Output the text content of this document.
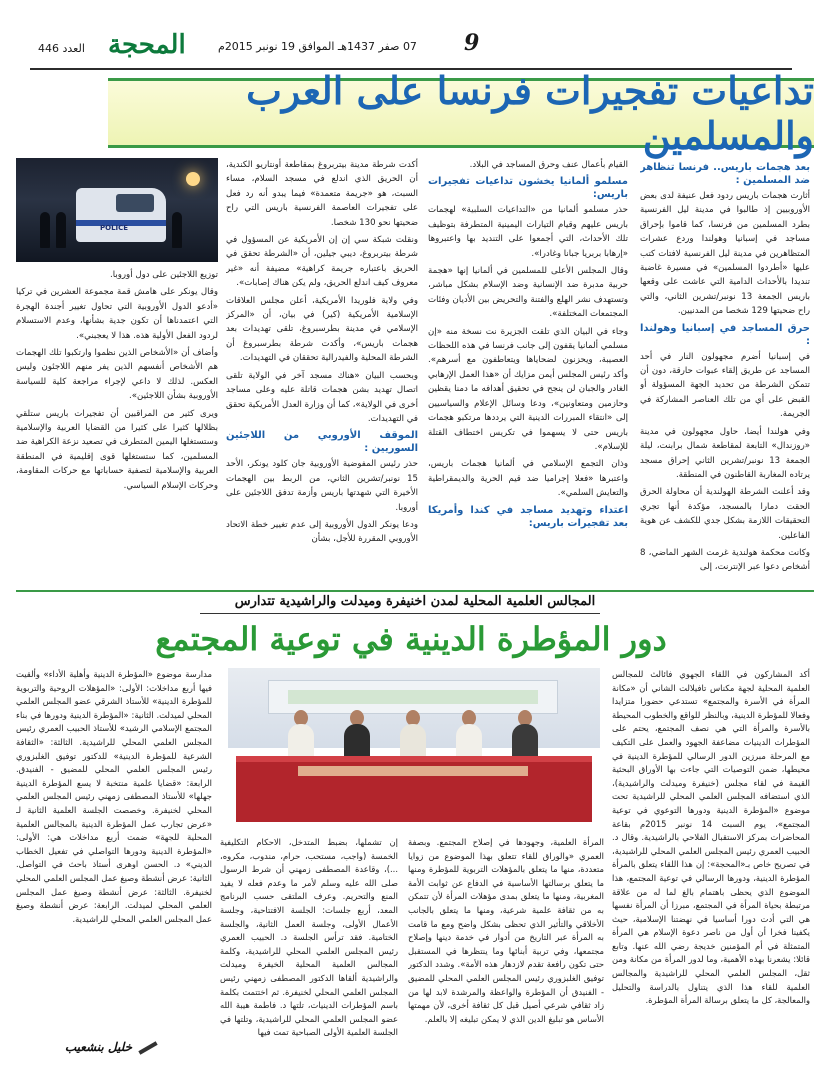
العدد 446 المحجة	07 صفر 1437هـ الموافق 19 نونبر 2015م 9
تداعيات تفجيرات فرنسا على العرب والمسلمين
بعد هجمات باريس.. فرنسا تنظاهر ضد المسلمين :

أثارت هجمات باريس ردود فعل عنيفة لدى بعض الأوروبيين إذ طالبوا في مدينة ليل الفرنسية بطرد المسلمين من فرنسا، كما قاموا بإحراق مساجد في إسبانيا وهولندا وردع عشرات المتظاهرين في مدينة ليل الفرنسية لافتات كتب عليها «أطردوا المسلمين» في مسيرة غاضبة تنديدا بالأحداث الدامية التي عاشت على وقعها باريس الجمعة 13 نونبر/تشرين الثاني، والتي راح ضحيتها 129 شخصا من المدنيين.

حرق المساجد في إسبانيا وهولندا :

في إسبانيا أضرم مجهولون النار في أحد المساجد عن طريق إلقاء عبوات حارقة، دون أن تتمكن الشرطة من تحديد الجهة المسؤولة أو القبض على أي من تلك العناصر المشاركة في الجريمة.

وفي هولندا أيضا، حاول مجهولون في مدينة «روزندال» التابعة لمقاطعة شمال برابنت، ليلة الجمعة 13 نونبر/تشرين الثاني إحراق مسجد يرتاده المغاربة القاطنون في المنطقة.

وقد أعلنت الشرطة الهولندية أن محاولة الحرق الحقت دمارا بالمسجد، مؤكدة أنها تجري التحقيقات اللازمة بشكل جدي للكشف عن هوية الفاعلين.

وكانت محكمة هولندية غرمت الشهر الماضي، 8 أشخاص دعوا عبر الإنترنت، إلى

القيام بأعمال عنف وحرق المساجد في البلاد.

مسلمو ألمانيا يخشون تداعيات تفجيرات باريس:

حذر مسلمو ألمانيا من «التداعيات السلبية» لهجمات باريس عليهم وقيام التيارات اليمينية المتطرفة بتوظيف تلك الأحداث، التي أجمعوا على التنديد بها واعتبروها «إرهابا بربريا جبانا وغادرا».

وقال المجلس الأعلى للمسلمين في ألمانيا إنها «هجمة حربية مدبرة ضد الإنسانية وضد الإسلام بشكل مباشر، وتستهدف نشر الهلع والفتنة والتحريض بين الأديان وفئات المجتمعات المختلفة».

وجاء في البيان الذي تلقت الجزيرة نت نسخة منه «إن مسلمي ألمانيا يقفون إلى جانب فرنسا في هذه اللحظات العصيبة، ويحزنون لضحاياها ويتعاطفون مع أسرهم». وأكد رئيس المجلس أيمن مزايك أن «هذا العمل الإرهابي الغادر والجبان لن ينجح في تحقيق أهدافه ما دمنا يقظين وحازمين ومتعاونين»، ودعا وسائل الإعلام والسياسيين إلى «انتقاء المبررات الدينية التي يرددها مرتكبو هجمات باريس حتى لا يسهموا في تكريس اختطاف القتلة للإسلام».

وذان التجمع الإسلامي في ألمانيا هجمات باريس، واعتبرها «فعلا إجراميا ضد قيم الحرية والديمقراطية والتعايش السلمي».

اعتداء وتهديد مساجد في كندا وأمريكا بعد تفجيرات باريس:

أكدت شرطة مدينة بيتربروغ بمقاطعة أونتاريو الكندية، أن الحريق الذي اندلع في مسجد السلام، مساء السبت، هو «جريمة متعمدة» فيما يبدو أنه رد فعل على تفجيرات العاصمة الفرنسية باريس التي راح ضحيتها نحو 130 شخصا.

ونقلت شبكة سي إن إن الأمريكية عن المسؤول في شرطة بيتربروغ، ديبي جيلين، أن «الشرطة تحقق في الحريق باعتباره جريمة كراهية» مضيفة أنه «غير معروف كيف اندلع الحريق، ولم يكن هناك إصابات».

وفي ولاية فلوريدا الأمريكية، أعلن مجلس العلاقات الإسلامية الأمريكية (كير) في بيان، أن «المركز الإسلامي في مدينة بطرسبروغ، تلقى تهديدات بعد هجمات باريس»، وأكدت شرطة بطرسبروغ أن الشرطة المحلية والفيدرالية تحققان في التهديدات.

وبحسب البيان «هناك مسجد آخر في الولاية تلقى اتصال تهديد بشن هجمات قاتلة عليه وعلى مساجد أخرى في الولاية»، كما أن وزارة العدل الأمريكية تحقق في التهديدات.

الموقف الأوروبي من اللاجئين السوريين :

حذر رئيس المفوضية الأوروبية جان كلود يونكر، الأحد 15 نونبر/تشرين الثاني، من الربط بين الهجمات الأخيرة التي شهدتها باريس وأزمة تدفق اللاجئين على أوروبا.

ودعا يونكر الدول الأوروبية إلى عدم تغيير خطة الاتحاد الأوروبي المقررة للأجل، بشأن

POLICE

توزيع اللاجئين على دول أوروبا.

وقال يونكر على هامش قمة مجموعة العشرين في تركيا «أدعو الدول الأوروبية التي تحاول تغيير أجندة الهجرة التي اعتمدناها أن تكون جدية بشأنها، وعدم الاستسلام لردود الفعل الأولية هذه. هذا لا يعجبني».

وأضاف أن «الأشخاص الذين نظموا وارتكبوا تلك الهجمات هم الأشخاص أنفسهم الذين يفر منهم اللاجئون وليس العكس. لذلك لا داعي لإجراء مراجعة كلية للسياسة الأوروبية بشأن اللاجئين».

ويرى كثير من المراقبين أن تفجيرات باريس ستلقي بظلالها كثيرا على كثيرا من القضايا العربية والإسلامية وستستغلها اليمين المتطرف في تصعيد نزعة الكراهية ضد المسلمين، كما ستستغلها قوى إقليمية في المنطقة العربية والإسلامية لتصفية حساباتها مع حركات المقاومة، وحركات الإسلام السياسي.

المجالس العلمية المحلية لمدن اخنيفرة وميدلت والراشيدية تتدارس
دور المؤطرة الدينية في توعية المجتمع
أكد المشاركون في اللقاء الجهوي فائالث للمجالس العلمية المحلية لجهة مكناس تافيلالت الشاني أن «مكانة المرأة في الأسرة والمجتمع» تستدعي حضورا متزايدا وفعالا للمؤطرة الدينية، وبالنظر للواقع والخطوب المحيطة بالأسرة والمرأة التي هي نصف المجتمع، يحتم على المؤطرات الدينيات مضاعفة الجهود والعمل على التكيف مع المرحلة مبرزين الدور الرسالي للمؤطرة الدينية في محيطها، ضمن التوصيات التي جاءت بها الأوراق البحثية القيمة في لقاء مجلس (خنيفرة وميدلت والراشيدية)، الذي استضافه المجلس العلمي المحلي للراشيدية تحت موضوع «المؤطرة الدينية ودورها التوعوي في توعية المجتمع»، يوم السبت 14 نونبر 2015م بقاعة المحاضرات بمركز الاستقبال الفلاحي بالراشيدية. وقال د. الحبيب العمري رئيس المجلس العلمي المحلي للراشيدية، في تصريح خاص بـ«المحجة»: إن هذا اللقاء يتعلق بالمرأة المؤطرة الدينية، ودورها الرسالي في توعية المجتمع، هذا الموضوع الذي يحظى باهتمام بالغ لما له من علاقة مرتبطة بحياة المرأة في المجتمع، مبرزا أن المرأة نفسها هي التي أدت دورا أساسيا في نهضتنا الإسلامية، حيث يكفينا فخرا أن أول من ناصر دعوة الإسلام هي المرأة المتمثلة في أم المؤمنين خديجة رضي الله عنها. وتابع قائلا: يشعرنا بهذه الأهمية، وما لدور المرأة من مكانة ومن ثقل، المجلس العلمي المحلي للراشيدية والمجالس العلمية للقاء هذا الذي يتناول بالدراسة والتحليل والمعالجة، كل ما يتعلق برسالة المرأة المؤطرة.
المرأة العلمية، وجهودها في إصلاح المجتمع. وبصفة العمري «والوراق للقاء تتعلق بهذا الموضوع من زوايا متعددة، منها ما يتعلق بالمؤهلات التربوية للمؤطرة ومنها ما يتعلق برسالتها الأساسية في الدفاع عن ثوابت الأمة المغربية، ومنها ما يتعلق بمدى مؤهلات المرأة لأن تتمكن به من ثقافة علمية شرعية، ومنها ما يتعلق بالجانب الأخلاقي والتأثير الذي تحظى بشكل واضح ومع ما قامت به المرأة عبر التاريخ من أدوار في خدمة دينها وإصلاح مجتمعها، وفي تربية أبنائها وما ينتظرها في المستقبل حتى تكون رافعة تقدم لازدهار هذه الأمة». وشدد الدكتور توفيق الغلبزوري رئيس المجلس العلمي المحلي للمضيق - الفنيدق أن المؤطرة والواعظة والمرشدة لابد لها من زاد ثقافي شرعي أصيل قبل كل ثقافة أخرى، لأن مهمتها الأساس هو تبليغ الدين الذي لا يمكن تبليغه إلا بالعلم.
إن تشملها، بضبط المتدخل، الاحكام التكليفية الخمسة (واجب، مستحب، حرام، مندوب، مكروه، ...)، وقاعدة المصطفى زمهني أن شرط الرسول صلى الله عليه وسلم لأمر ما وعدم فعله لا يفيد المنع والتحريم. وعرف الملتقى حسب البرنامج المعد، أربع جلسات: الجلسة الافتتاحية، وجلسة الأعمال الأولى، وجلسة العمل الثانية، والجلسة الختامية. فقد ترأس الجلسة د. الحبيب العمري رئيس المجلس العلمي المحلي للراشيدية، وكلمة المجالس العلمية المحلية الخيفرة وميدلت والراشيدية ألقاها الدكتور المصطفى زمهني رئيس المجلس العلمي المحلي لخنيفرة. ثم اختتمت بكلمة باسم المؤطرات الدينيات، تلتها د. فاطمة هيبة الله عضو المجلس العلمي المحلي للراشيدية، وتلتها في الجلسة العلمية الأولى الصباحية تمت فيها
مدارسة موضوع «المؤطرة الدينية وأهلية الأداء» وألقيت فيها أربع مداخلات: الأولى: «المؤهلات الروحية والتربوية للمؤطرة الدينية» للأستاذ الشرقي عضو المجلس العلمي المحلي لميدلت. الثانية: «المؤطرة الدينية ودورها في بناء المجتمع الإسلامي الرشيد» للأستاذ الحبيب العمري رئيس المجلس العلمي المحلي للراشيدية. الثالثة: «الثقافة الشرعية للمؤطرة الدينية» للدكتور توفيق الغلبزوري رئيس المجلس العلمي المحلي للمضيق - الفنيدق. الرابعة: «قضايا علمية منتخبة لا يسع المؤطرة الدينية جهلها» للأستاذ المصطفى زمهني رئيس المجلس العلمي المحلي لخنيفرة. وخصصت الجلسة العلمية الثانية لـ «عرض تجارب عمل المؤطرة الدينية بالمجالس العلمية المحلية للجهة» ضمت أربع مداخلات هي: الأولى: «المؤطرة الدينية ودورها التواصلي في تفعيل الخطاب الديني» د. الحسن اوهرى أستاذ باحث في التواصل. الثانية: عرض أنشطة وصيغ عمل المجلس العلمي المحلي لخنيفرة. الثالثة: عرض أنشطة وصيغ عمل المجلس العلمي المحلي لميدلت. الرابعة: عرض أنشطة وصيغ عمل المجلس العلمي المحلي للراشيدية.
خليل بنشعيب
